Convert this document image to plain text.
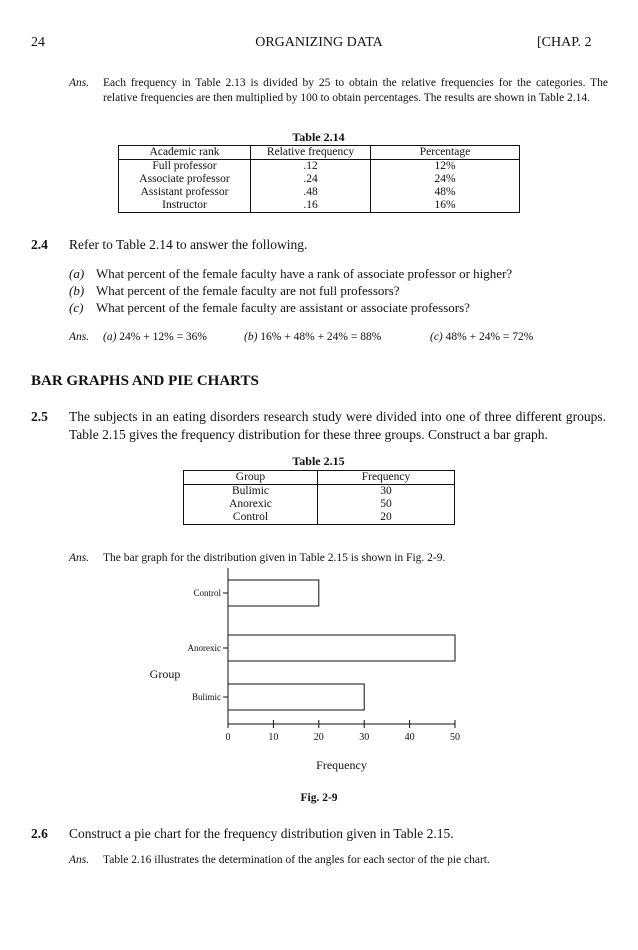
24	ORGANIZING DATA	[CHAP. 2
Ans. Each frequency in Table 2.13 is divided by 25 to obtain the relative frequencies for the categories. The relative frequencies are then multiplied by 100 to obtain percentages. The results are shown in Table 2.14.
Table 2.14
Academic rank	Relative frequency	Percentage
Full professor	.12	12%
Associate professor	.24	24%
Assistant professor	.48	48%
Instructor	.16	16%
2.4 Refer to Table 2.14 to answer the following.
(a) What percent of the female faculty have a rank of associate professor or higher?
(b) What percent of the female faculty are not full professors?
(c) What percent of the female faculty are assistant or associate professors?
Ans. (a) 24% + 12% = 36%	(b) 16% + 48% + 24% = 88%	(c) 48% + 24% = 72%
BAR GRAPHS AND PIE CHARTS
2.5 The subjects in an eating disorders research study were divided into one of three different groups. Table 2.15 gives the frequency distribution for these three groups. Construct a bar graph.
Table 2.15
Group	Frequency
Bulimic	30
Anorexic	50
Control	20
Ans. The bar graph for the distribution given in Table 2.15 is shown in Fig. 2-9.
Control
Anorexic
Bulimic
0	10	20	30	40	50
Group
Frequency
Fig. 2-9
2.6 Construct a pie chart for the frequency distribution given in Table 2.15.
Ans. Table 2.16 illustrates the determination of the angles for each sector of the pie chart.
